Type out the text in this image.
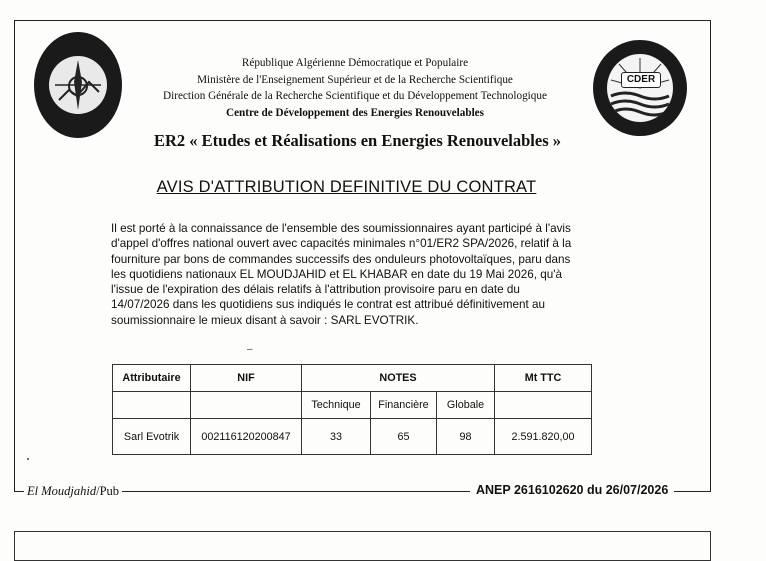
CDER
République Algérienne Démocratique et Populaire
Ministère de l'Enseignement Supérieur et de la Recherche Scientifique
Direction Générale de la Recherche Scientifique et du Développement Technologique
Centre de Développement des Energies Renouvelables
ER2 « Etudes et Réalisations en Energies Renouvelables »
AVIS D'ATTRIBUTION DEFINITIVE DU CONTRAT
Il est porté à la connaissance de l'ensemble des soumissionnaires ayant participé à l'avis
d'appel d'offres national ouvert avec capacités minimales n°01/ER2 SPA/2026, relatif à la
fourniture par bons de commandes successifs des onduleurs photovoltaïques, paru dans
les quotidiens nationaux EL MOUDJAHID et EL KHABAR en date du 19 Mai 2026, qu'à
l'issue de l'expiration des délais relatifs à l'attribution provisoire paru en date du
14/07/2026 dans les quotidiens sus indiqués le contrat est attribué définitivement au
soumissionnaire le mieux disant à savoir : SARL EVOTRIK.
–
Attributaire	NIF	NOTES			Mt TTC
		Technique	Financière	Globale	
Sarl Evotrik	002116120200847	33	65	98	2.591.820,00
El Moudjahid/Pub	ANEP 2616102620 du 26/07/2026
